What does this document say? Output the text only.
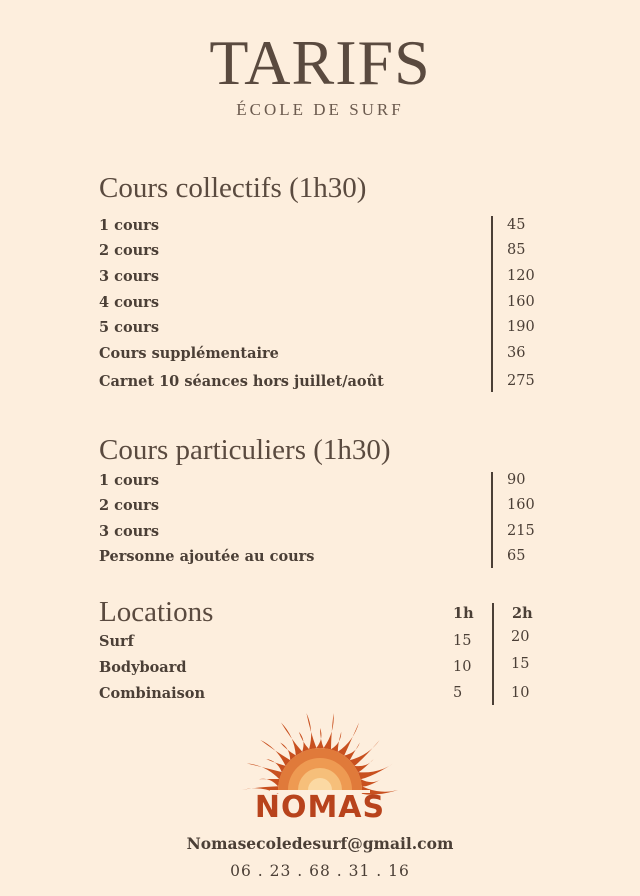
TARIFS
ÉCOLE DE SURF
Cours collectifs (1h30)
1 cours	45
2 cours	85
3 cours	120
4 cours	160
5 cours	190
Cours supplémentaire	36
Carnet 10 séances hors juillet/août	275
Cours particuliers (1h30)
1 cours	90
2 cours	160
3 cours	215
Personne ajoutée au cours	65
Locations	1h	2h
Surf	15	20
Bodyboard	10	15
Combinaison	5	10
NOMAS
Nomasecoledesurf@gmail.com
06 . 23 . 68 . 31 . 16
